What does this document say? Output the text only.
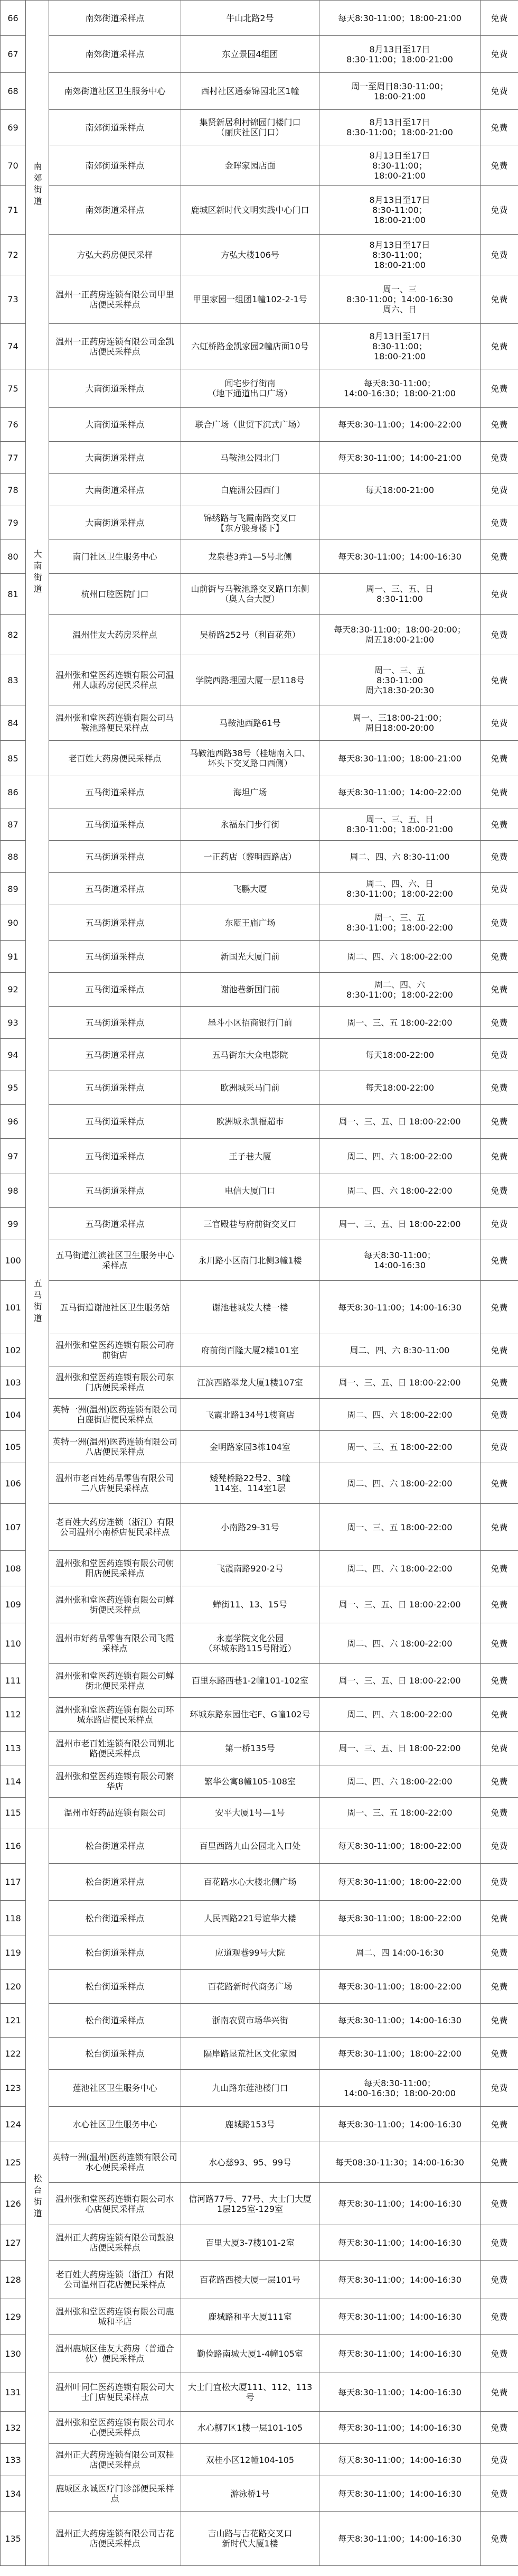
66	南郊街道	南郊街道采样点	牛山北路2号	每天8:30-11:00；18:00-21:00	免费
67		南郊街道采样点	东立景园4组团	8月13日至17日
8:30-11:00；18:00-21:00	免费
68		南郊街道社区卫生服务中心	西村社区通泰锦园北区1幢	周一至周日8:30-11:00；
18:00-21:00	免费
69		南郊街道采样点	集贤新居利村锦园门楼门口
（丽庆社区门口）	8月13日至17日
8:30-11:00；18:00-21:00	免费
70		南郊街道采样点	金晖家园店面	8月13日至17日
8:30-11:00；
18:00-21:00	免费
71		南郊街道采样点	鹿城区新时代文明实践中心门口	8月13日至17日
8:30-11:00；
18:00-21:00	免费
72		方弘大药房便民采样	方弘大楼106号	8月13日至17日
8:30-11:00；
18:00-21:00	免费
73		温州一正药房连锁有限公司甲里店便民采样点	甲里家园一组团1幢102-2-1号	周一、三
8:30-11:00；14:00-16:30
周六、日	免费
74		温州一正药房连锁有限公司金凯店便民采样点	六虹桥路金凯家园2幢店面10号	8月13日至17日
8:30-11:00；
18:00-21:00	免费
75	大南街道	大南街道采样点	闻宅步行街南
（地下通道出口广场）	每天8:30-11:00；
14:00-16:30；18:00-21:00	免费
76		大南街道采样点	联合广场（世贸下沉式广场）	每天8:30-11:00；14:00-22:00	免费
77		大南街道采样点	马鞍池公园北门	每天8:30-11:00；14:00-21:00	免费
78		大南街道采样点	白鹿洲公园西门	每天18:00-21:00	免费
79		大南街道采样点	锦绣路与飞霞南路交叉口
【东方骏身楼下】		免费
80		南门社区卫生服务中心	龙泉巷3弄1—5号北侧	每天8:30-11:00；14:00-16:30	免费
81		杭州口腔医院门口	山前街与马鞍池路交叉路口东侧
（奥人台大厦）	周一、三、五、日
8:30-11:00	免费
82		温州佳友大药房采样点	吴桥路252号（利百花苑）	每天8:30-11:00；18:00-20:00；
周五18:00-21:00	免费
83		温州张和堂医药连锁有限公司温州人康药房便民采样点	学院西路理园大厦一层118号	周一、三、五
8:30-11:00
周六18:30-20:30	免费
84		温州张和堂医药连锁有限公司马鞍池路便民采样点	马鞍池西路61号	周一、三18:00-21:00；
周日18:00-20:00	免费
85		老百姓大药房便民采样点	马鞍池西路38号（桂塘南入口、
坏头下交叉路口西侧）	每天8:30-11:00；18:00-21:00	免费
86	五马街道	五马街道采样点	海坦广场	每天8:30-11:00；14:00-22:00	免费
87		五马街道采样点	永福东门步行街	周一、三、五、日
8:30-11:00；18:00-21:00	免费
88		五马街道采样点	一正药店（黎明西路店）	周二、四、六 8:30-11:00	免费
89		五马街道采样点	飞鹏大厦	周二、四、六、日
8:30-11:00；18:00-22:00	免费
90		五马街道采样点	东瓯王庙广场	周一、三、五
8:30-11:00；18:00-22:00	免费
91		五马街道采样点	新国光大厦门前	周二、四、六 18:00-22:00	免费
92		五马街道采样点	谢池巷新国门前	周二、四、六
8:30-11:00；18:00-22:00	免费
93		五马街道采样点	墨斗小区招商银行门前	周一、三、五 18:00-22:00	免费
94		五马街道采样点	五马街东大众电影院	每天18:00-22:00	免费
95		五马街道采样点	欧洲城采马门前	每天18:00-22:00	免费
96		五马街道采样点	欧洲城永凯福超市	周一、三、五、日 18:00-22:00	免费
97		五马街道采样点	王子巷大厦	周二、四、六 18:00-22:00	免费
98		五马街道采样点	电信大厦门口	周二、四、六 18:00-22:00	免费
99		五马街道采样点	三官殿巷与府前街交叉口	周一、三、五、日 18:00-22:00	免费
100		五马街道江滨社区卫生服务中心采样点	永川路小区南门北侧3幢1楼	每天8:30-11:00；
14:00-16:30	免费
101		五马街道谢池社区卫生服务站	谢池巷城发大楼一楼	每天8:30-11:00；14:00-16:30	免费
102		温州张和堂医药连锁有限公司府前街店	府前街百隆大厦2楼101室	周二、四、六 8:30-11:00	免费
103		温州张和堂医药连锁有限公司东门店便民采样点	江滨西路翠龙大厦1楼107室	周一、三、五、日 18:00-22:00	免费
104		英特一洲(温州)医药连锁有限公司白鹿街店便民采样点	飞霞北路134号1楼商店	周二、四、六 18:00-22:00	免费
105		英特一洲(温州)医药连锁有限公司八店便民采样点	金明路家园3栋104室	周一、三、五 18:00-22:00	免费
106		温州市老百姓药品零售有限公司二八店便民采样点	矮凳桥路22号2、3幢
114室、114室1层	周二、四、六 18:00-22:00	免费
107		老百姓大药房连锁（浙江）有限公司温州小南桥店便民采样点	小南路29-31号	周一、三、五 18:00-22:00	免费
108		温州张和堂医药连锁有限公司朝阳店便民采样点	飞霞南路920-2号	周二、四、六 18:00-22:00	免费
109		温州张和堂医药连锁有限公司蝉街便民采样点	蝉街11、13、15号	周一、三、五、日 18:00-22:00	免费
110		温州市好药品零售有限公司飞霞采样点	永嘉学院文化公园
（环城东路115号附近）	周二、四、六 18:00-22:00	免费
111		温州张和堂医药连锁有限公司蝉街北便民采样点	百里东路西巷1-2幢101-102室	周一、三、五、日 18:00-22:00	免费
112		温州张和堂医药连锁有限公司环城东路店便民采样点	环城东路东园住宅F、G幢102号	周二、四、六 18:00-22:00	免费
113		温州市老百姓连锁有限公司朔北路便民采样点	第一桥135号	周一、三、五、日 18:00-22:00	免费
114		温州张和堂医药连锁有限公司繁华店	繁华公寓8幢105-108室	周二、四、六 18:00-22:00	免费
115		温州市好药品连锁有限公司	安平大厦1号—1号	周一、三、五 18:00-22:00	免费
116	松台街道	松台街道采样点	百里西路九山公园北入口处	每天8:30-11:00；18:00-22:00	免费
117		松台街道采样点	百花路水心大楼北侧广场	每天8:30-11:00；18:00-22:00	免费
118		松台街道采样点	人民西路221号谊华大楼	每天8:30-11:00；18:00-22:00	免费
119		松台街道采样点	应道观巷99号大院	周二、四 14:00-16:30	免费
120		松台街道采样点	百花路新时代商务广场	每天8:30-11:00；18:00-22:00	免费
121		松台街道采样点	浙南农贸市场华兴街	每天8:30-11:00；14:00-16:30	免费
122		松台街道采样点	隔岸路垦荒社区文化家园	每天8:30-11:00；18:00-22:00	免费
123		莲池社区卫生服务中心	九山路东莲池楼门口	每天8:30-11:00；
14:00-16:30；18:00-20:00	免费
124		水心社区卫生服务中心	鹿城路153号	每天8:30-11:00；14:00-16:30	免费
125		英特一洲(温州)医药连锁有限公司水心便民采样点	水心慈93、95、99号	每天08:30-11:30；14:00-16:30	免费
126		温州张和堂医药连锁有限公司水心店便民采样点	信河路77号、77号、大士门大厦
1层125室-129室	每天8:30-11:00；14:00-16:30	免费
127		温州正大药房连锁有限公司鼓浪店便民采样点	百里大厦3-7楼101-2室	每天8:30-11:00；14:00-16:30	免费
128		老百姓大药房连锁（浙江）有限公司温州百花店便民采样点	百花路西楼大厦一层101号	每天8:30-11:00；14:00-16:30	免费
129		温州张和堂医药连锁有限公司鹿城和平店	鹿城路和平大厦111室	每天8:30-11:00；14:00-16:30	免费
130		温州鹿城区佳友大药房（普通合伙）便民采样点	勤俭路南城大厦1-4幢105室	每天8:30-11:00；14:00-16:30	免费
131		温州叶同仁医药连锁有限公司大士门店便民采样点	大士门宜松大厦111、112、113号	每天8:30-11:00；14:00-16:30	免费
132		温州张和堂医药连锁有限公司水心便民采样点	水心柳7区1楼一层101-105	每天8:30-11:00；14:00-16:30	免费
133		温州正大药房连锁有限公司双桂店便民采样点	双桂小区12幢104-105	每天8:30-11:00；14:00-16:30	免费
134		鹿城区永诚医疗门诊部便民采样点	游泳桥1号	每天8:30-11:00；14:00-16:30	免费
135		温州正大药房连锁有限公司吉花店便民采样点	吉山路与吉花路交叉口
新时代大厦1楼	每天8:30-11:00；14:00-16:30	免费
